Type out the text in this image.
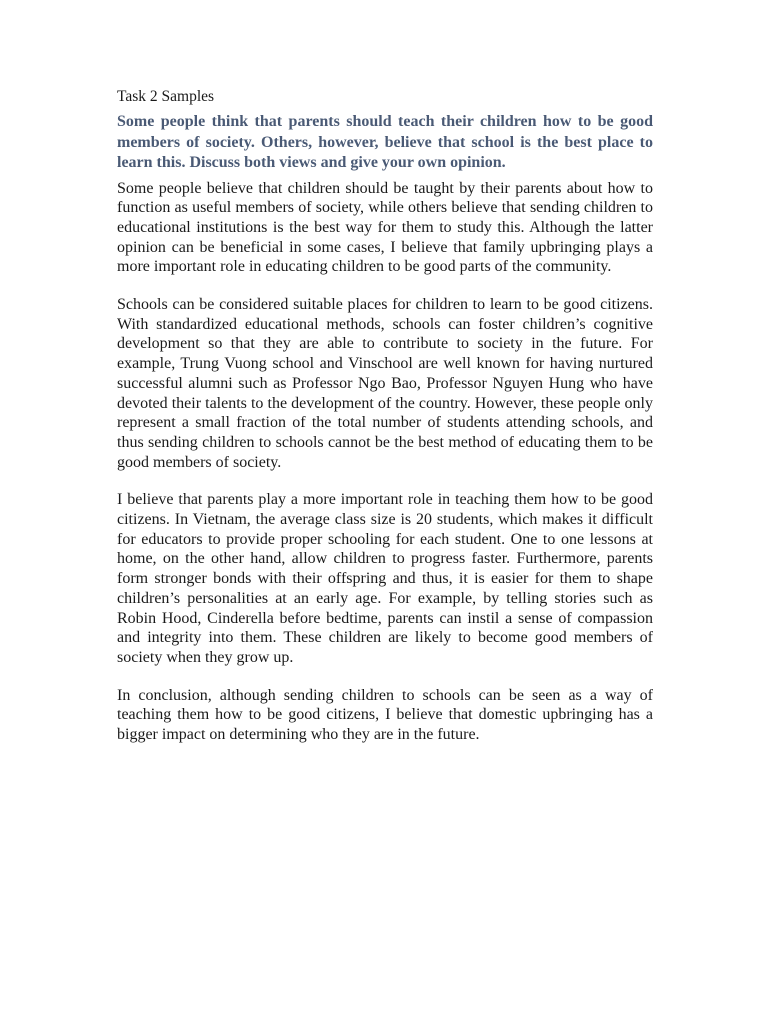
Task 2 Samples
Some people think that parents should teach their children how to be good members of society. Others, however, believe that school is the best place to learn this. Discuss both views and give your own opinion.

Some people believe that children should be taught by their parents about how to function as useful members of society, while others believe that sending children to educational institutions is the best way for them to study this. Although the latter opinion can be beneficial in some cases, I believe that family upbringing plays a more important role in educating children to be good parts of the community.

Schools can be considered suitable places for children to learn to be good citizens. With standardized educational methods, schools can foster children’s cognitive development so that they are able to contribute to society in the future. For example, Trung Vuong school and Vinschool are well known for having nurtured successful alumni such as Professor Ngo Bao, Professor Nguyen Hung who have devoted their talents to the development of the country. However, these people only represent a small fraction of the total number of students attending schools, and thus sending children to schools cannot be the best method of educating them to be good members of society.

I believe that parents play a more important role in teaching them how to be good citizens. In Vietnam, the average class size is 20 students, which makes it difficult for educators to provide proper schooling for each student. One to one lessons at home, on the other hand, allow children to progress faster. Furthermore, parents form stronger bonds with their offspring and thus, it is easier for them to shape children’s personalities at an early age. For example, by telling stories such as Robin Hood, Cinderella before bedtime, parents can instil a sense of compassion and integrity into them. These children are likely to become good members of society when they grow up.

In conclusion, although sending children to schools can be seen as a way of teaching them how to be good citizens, I believe that domestic upbringing has a bigger impact on determining who they are in the future.
